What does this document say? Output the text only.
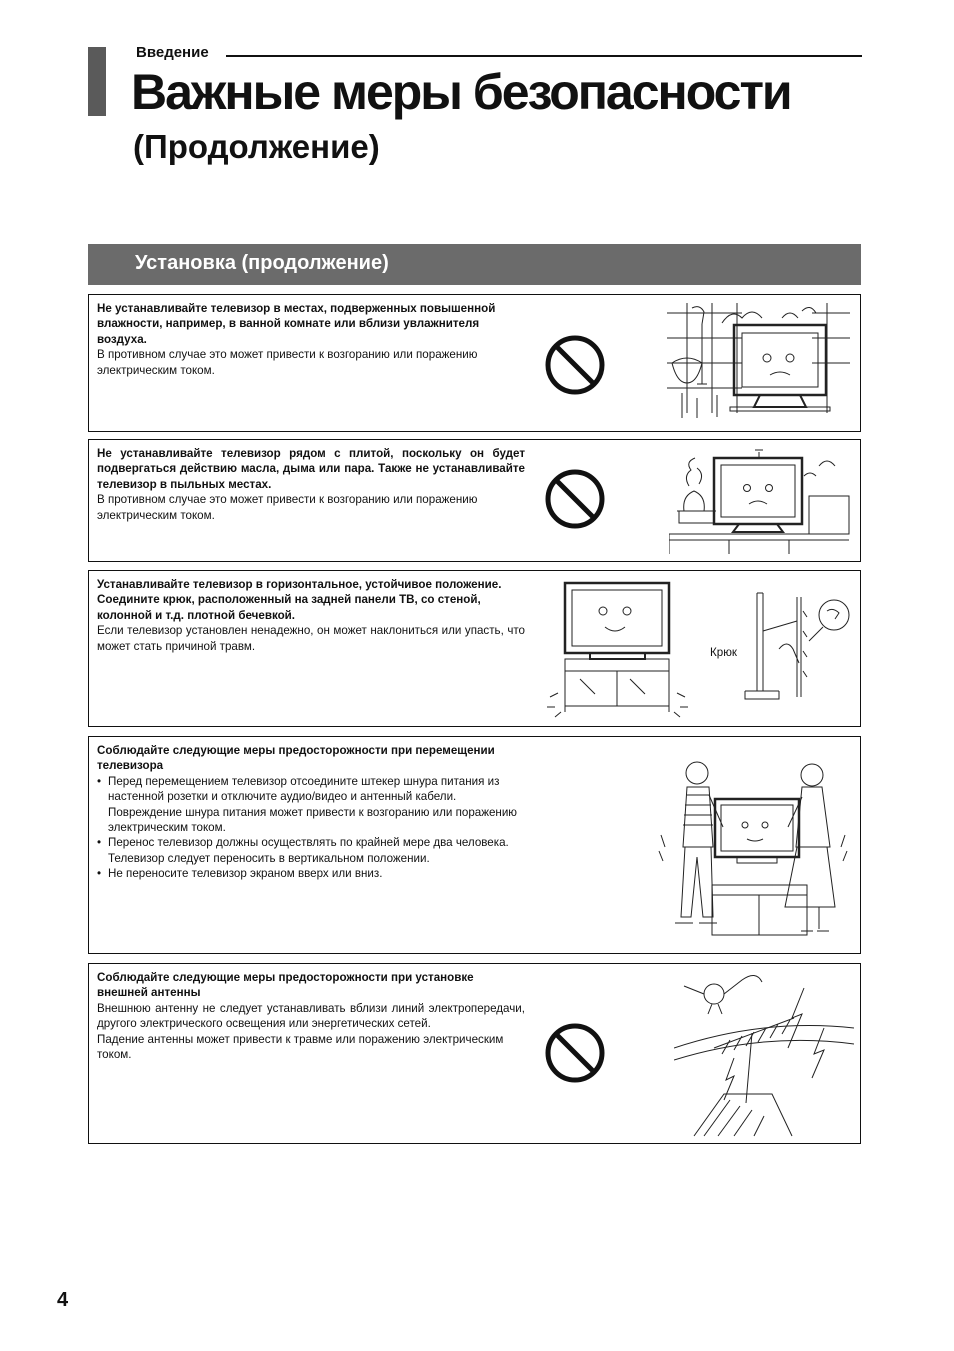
Введение
Важные меры безопасности
(Продолжение)
Установка (продолжение)
Не устанавливайте телевизор в местах, подверженных повышенной влажности, например, в ванной комнате или вблизи увлажнителя воздуха.
В противном случае это может привести к возгоранию или поражению электрическим током.
Не устанавливайте телевизор рядом с плитой, поскольку он будет подвергаться действию масла, дыма или пара. Также не устанавливайте телевизор в пыльных местах.
В противном случае это может привести к возгоранию или поражению электрическим током.
Устанавливайте телевизор в горизонтальное, устойчивое положение. Соедините крюк, расположенный на задней панели ТВ, со стеной, колонной и т.д. плотной бечевкой.
Если телевизор установлен ненадежно, он может наклониться или упасть, что может стать причиной травм.	Крюк
Соблюдайте следующие меры предосторожности при перемещении телевизора
• Перед перемещением телевизор отсоедините штекер шнура питания из настенной розетки и отключите аудио/видео и антенный кабели. Повреждение шнура питания может привести к возгоранию или поражению электрическим током.
• Перенос телевизор должны осуществлять по крайней мере два человека. Телевизор следует переносить в вертикальном положении.
• Не переносите телевизор экраном вверх или вниз.
Соблюдайте следующие меры предосторожности при установке внешней антенны
Внешнюю антенну не следует устанавливать вблизи линий электропередачи, другого электрического освещения или энергетических сетей.
Падение антенны может привести к травме или поражению электрическим током.
4
